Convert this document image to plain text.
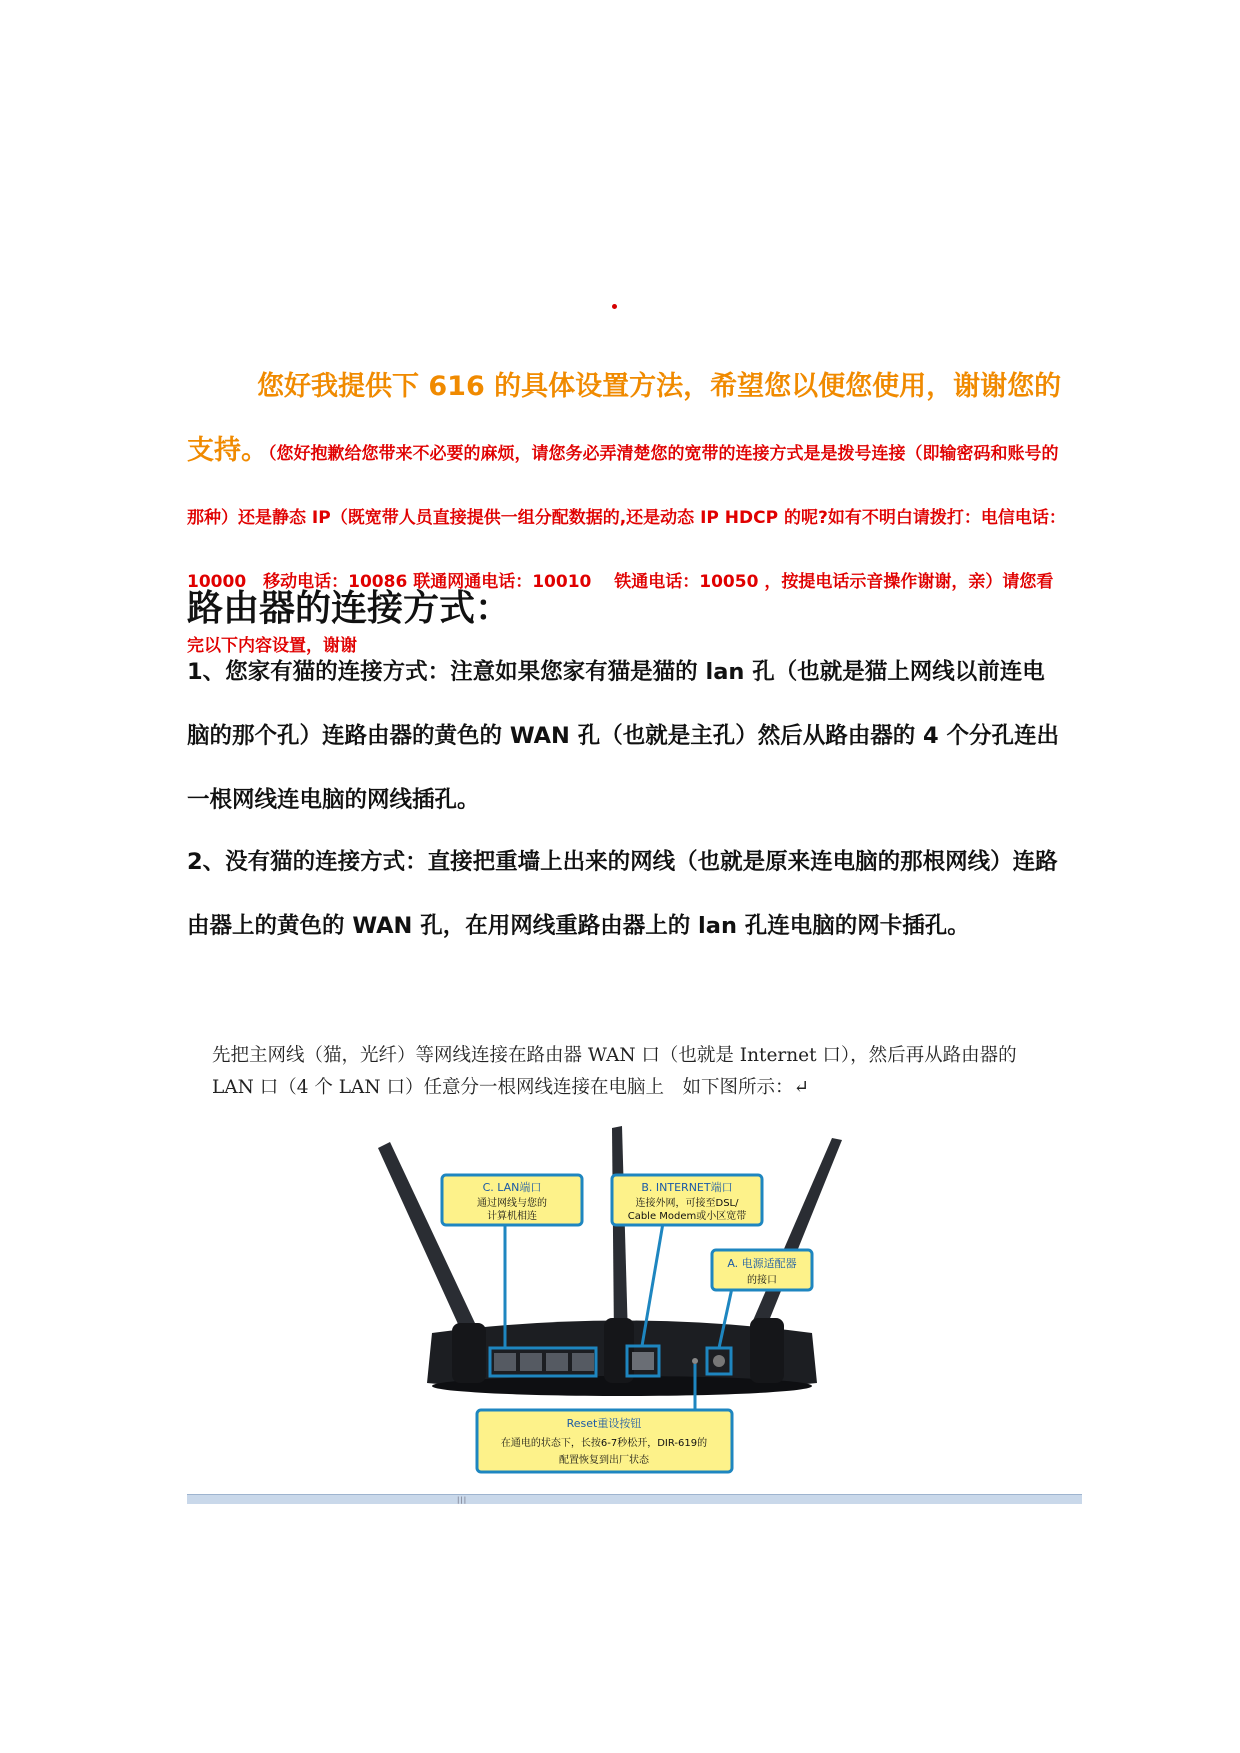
您好我提供下 616 的具体设置方法，希望您以便您使用，谢谢您的支持。（您好抱歉给您带来不必要的麻烦，请您务必弄清楚您的宽带的连接方式是是拨号连接（即输密码和账号的那种）还是静态 IP（既宽带人员直接提供一组分配数据的,还是动态 IP HDCP 的呢?如有不明白请拨打：电信电话：10000　移动电话：10086 联通网通电话：10010　 铁通电话：10050 ，按提电话示音操作谢谢，亲）请您看完以下内容设置，谢谢
路由器的连接方式：
1、您家有猫的连接方式：注意如果您家有猫是猫的 lan 孔（也就是猫上网线以前连电脑的那个孔）连路由器的黄色的 WAN 孔（也就是主孔）然后从路由器的 4 个分孔连出一根网线连电脑的网线插孔。
2、没有猫的连接方式：直接把重墙上出来的网线（也就是原来连电脑的那根网线）连路由器上的黄色的 WAN 孔，在用网线重路由器上的 lan 孔连电脑的网卡插孔。
先把主网线（猫，光纤）等网线连接在路由器 WAN 口（也就是 Internet 口），然后再从路由器的 LAN 口（4 个 LAN 口）任意分一根网线连接在电脑上　如下图所示：↵
C. LAN端口
通过网线与您的
计算机相连
B. INTERNET端口
连接外网，可接至DSL/
Cable Modem或小区宽带
A. 电源适配器
的接口
Reset重设按钮
在通电的状态下，长按6-7秒松开，DIR-619的
配置恢复到出厂状态
|||
